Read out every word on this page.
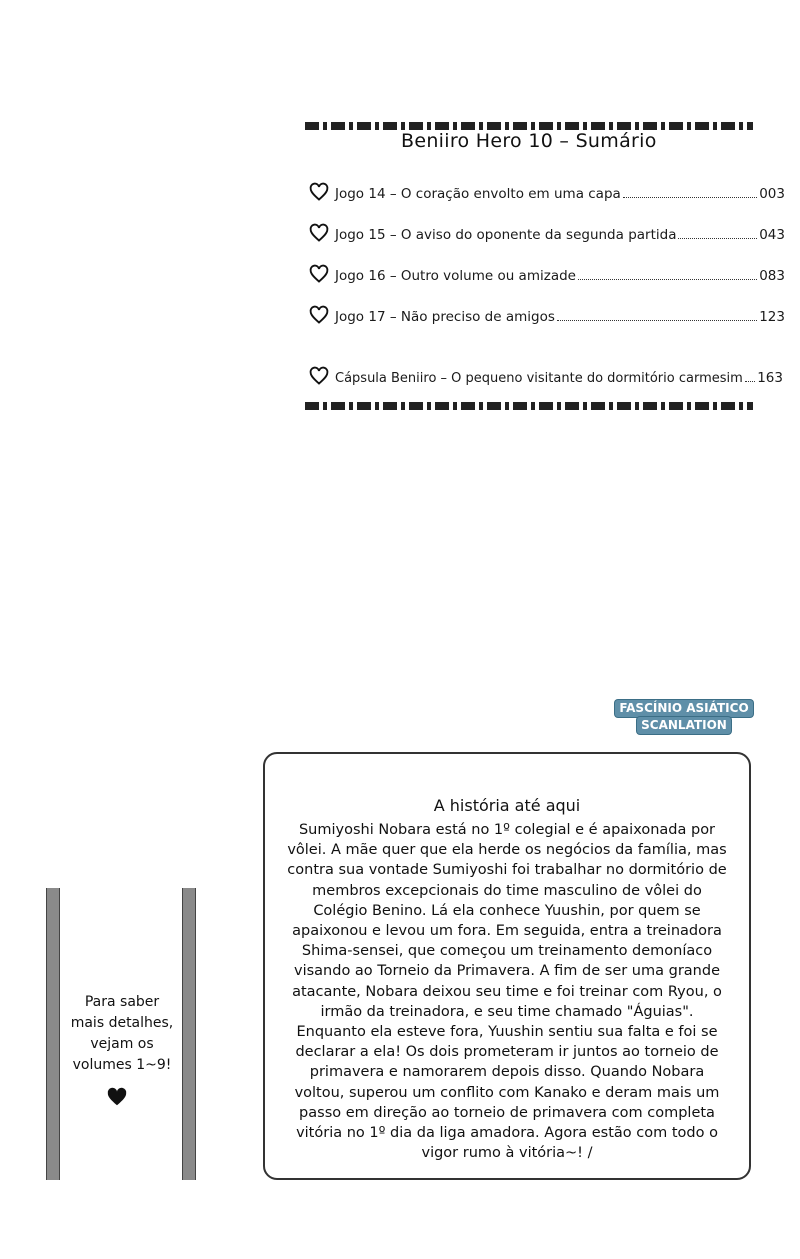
Beniiro Hero 10 – Sumário
Jogo 14 – O coração envolto em uma capa	003
Jogo 15 – O aviso do oponente da segunda partida	043
Jogo 16 – Outro volume ou amizade	083
Jogo 17 – Não preciso de amigos	123
Cápsula Beniiro – O pequeno visitante do dormitório carmesim 163
FASCÍNIO ASIÁTICO
SCANLATION
A história até aqui
Sumiyoshi Nobara está no 1º colegial e é apaixonada por vôlei. A mãe quer que ela herde os negócios da família, mas contra sua vontade Sumiyoshi foi trabalhar no dormitório de membros excepcionais do time masculino de vôlei do Colégio Benino. Lá ela conhece Yuushin, por quem se apaixonou e levou um fora. Em seguida, entra a treinadora Shima-sensei, que começou um treinamento demoníaco visando ao Torneio da Primavera. A fim de ser uma grande atacante, Nobara deixou seu time e foi treinar com Ryou, o irmão da treinadora, e seu time chamado "Águias". Enquanto ela esteve fora, Yuushin sentiu sua falta e foi se declarar a ela! Os dois prometeram ir juntos ao torneio de primavera e namorarem depois disso. Quando Nobara voltou, superou um conflito com Kanako e deram mais um passo em direção ao torneio de primavera com completa vitória no 1º dia da liga amadora. Agora estão com todo o vigor rumo à vitória~! /
Para saber mais detalhes, vejam os volumes 1~9!
